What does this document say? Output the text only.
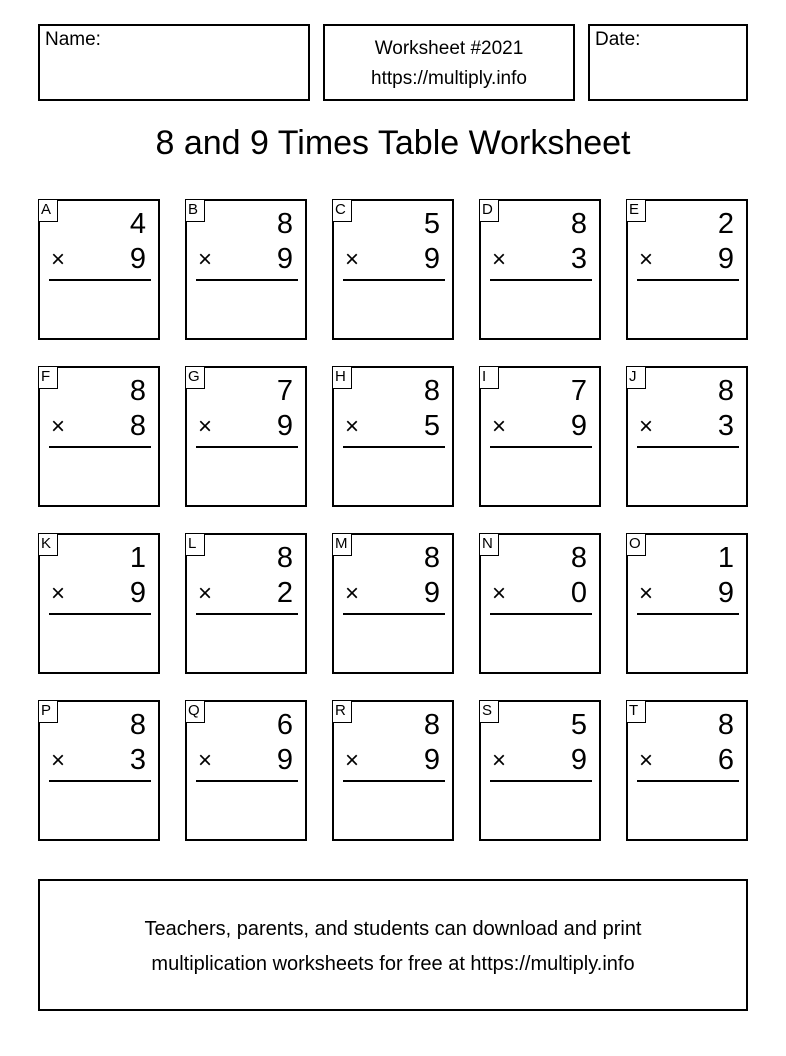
Name:	Worksheet #2021
https://multiply.info
Date:
8 and 9 Times Table Worksheet
A	4
× 9
B	8
× 9
C	5
× 9
D	8
× 3
E	2
× 9
F	8
× 8
G	7
× 9
H	8
× 5
I	7
× 9
J	8
× 3
K	1
× 9
L	8
× 2
M	8
× 9
N	8
× 0
O	1
× 9
P	8
× 3
Q	6
× 9
R	8
× 9
S	5
× 9
T	8
× 6
Teachers, parents, and students can download and print
multiplication worksheets for free at https://multiply.info
